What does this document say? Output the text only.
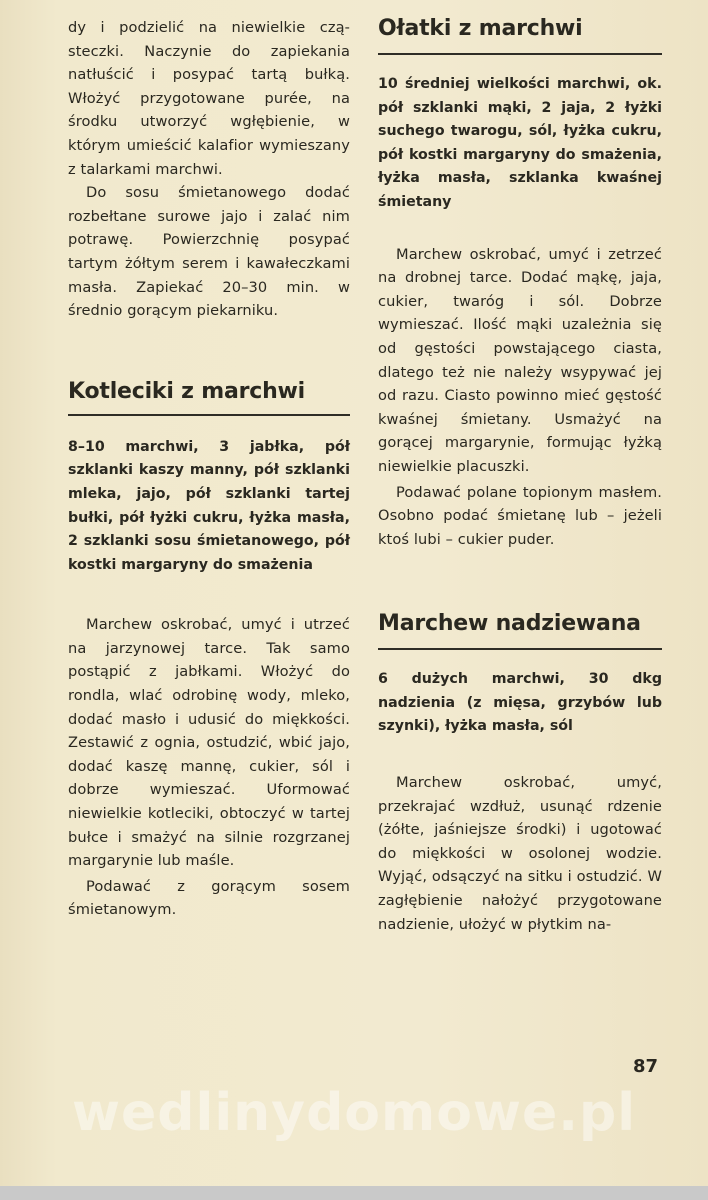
dy i podzielić na niewielkie czą-steczki. Naczynie do zapiekania natłuścić i posypać tartą bułką. Włożyć przygotowane purée, na środku utworzyć wgłębienie, w którym umieścić kalafior wymieszany z talarkami marchwi.

Do sosu śmietanowego dodać rozbełtane surowe jajo i zalać nim potrawę. Powierzchnię posypać tartym żółtym serem i kawałeczkami masła. Zapiekać 20–30 min. w średnio gorącym piekarniku.

Kotleciki z marchwi

8–10 marchwi, 3 jabłka, pół szklanki kaszy manny, pół szklanki mleka, jajo, pół szklanki tartej bułki, pół łyżki cukru, łyżka masła, 2 szklanki sosu śmietanowego, pół kostki margaryny do smażenia

Marchew oskrobać, umyć i utrzeć na jarzynowej tarce. Tak samo postąpić z jabłkami. Włożyć do rondla, wlać odrobinę wody, mleko, dodać masło i udusić do miękkości. Zestawić z ognia, ostudzić, wbić jajo, dodać kaszę mannę, cukier, sól i dobrze wymieszać. Uformować niewielkie kotleciki, obtoczyć w tartej bułce i smażyć na silnie rozgrzanej margarynie lub maśle.

Podawać z gorącym sosem śmietanowym.

Ołatki z marchwi

10 średniej wielkości marchwi, ok. pół szklanki mąki, 2 jaja, 2 łyżki suchego twarogu, sól, łyżka cukru, pół kostki margaryny do smażenia, łyżka masła, szklanka kwaśnej śmietany

Marchew oskrobać, umyć i zetrzeć na drobnej tarce. Dodać mąkę, jaja, cukier, twaróg i sól. Dobrze wymieszać. Ilość mąki uzależnia się od gęstości powstającego ciasta, dlatego też nie należy wsypywać jej od razu. Ciasto powinno mieć gęstość kwaśnej śmietany. Usmażyć na gorącej margarynie, formując łyżką niewielkie placuszki.

Podawać polane topionym masłem. Osobno podać śmietanę lub – jeżeli ktoś lubi – cukier puder.

Marchew nadziewana

6 dużych marchwi, 30 dkg nadzienia (z mięsa, grzybów lub szynki), łyżka masła, sól

Marchew oskrobać, umyć, przekrajać wzdłuż, usunąć rdzenie (żółte, jaśniejsze środki) i ugotować do miękkości w osolonej wodzie. Wyjąć, odsączyć na sitku i ostudzić. W zagłębienie nałożyć przygotowane nadzienie, ułożyć w płytkim na-

87
wedlinydomowe.pl
